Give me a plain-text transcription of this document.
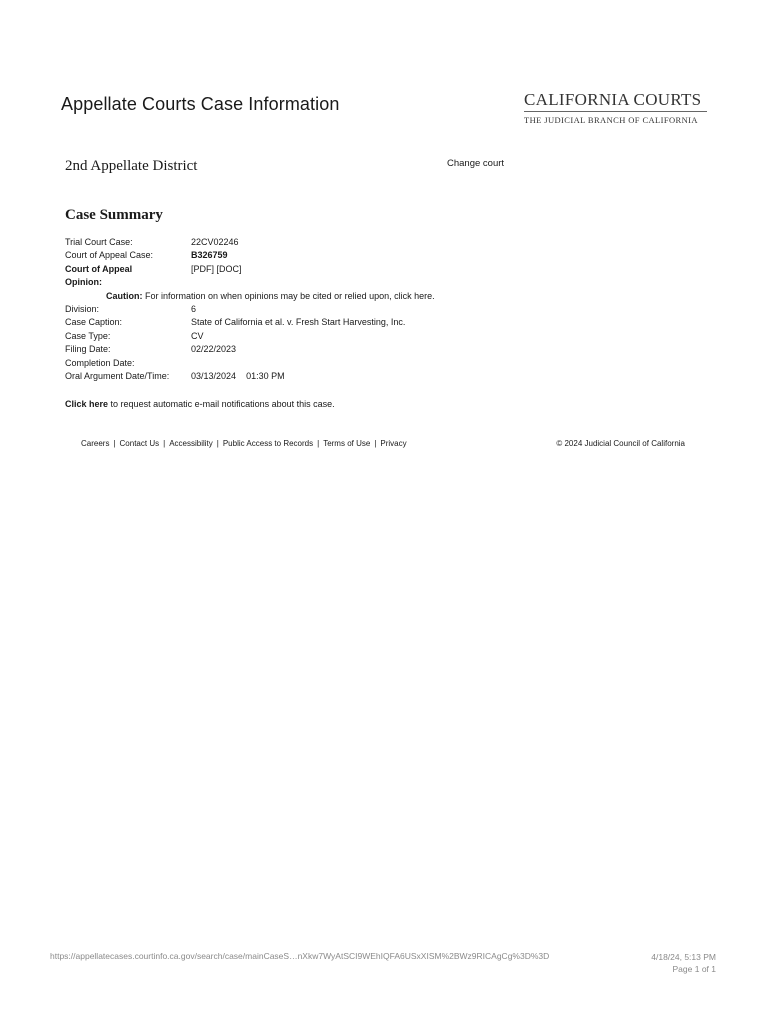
Appellate Courts Case Information	CALIFORNIA COURTS
THE JUDICIAL BRANCH OF CALIFORNIA
2nd Appellate District	Change court
Case Summary
Trial Court Case:	22CV02246
Court of Appeal Case:	B326759
Court of Appeal	[PDF] [DOC]
Opinion:
Caution: For information on when opinions may be cited or relied upon, click here.
Division:	6
Case Caption:	State of California et al. v. Fresh Start Harvesting, Inc.
Case Type:	CV
Filing Date:	02/22/2023
Completion Date:
Oral Argument Date/Time:	03/13/2024 01:30 PM
Click here to request automatic e-mail notifications about this case.
Careers | Contact Us | Accessibility | Public Access to Records | Terms of Use | Privacy	© 2024 Judicial Council of California
https://appellatecases.courtinfo.ca.gov/search/case/mainCaseS…nXkw7WyAtSCI9WEhIQFA6USxXISM%2BWz9RICAgCg%3D%3D	4/18/24, 5:13 PM
Page 1 of 1
